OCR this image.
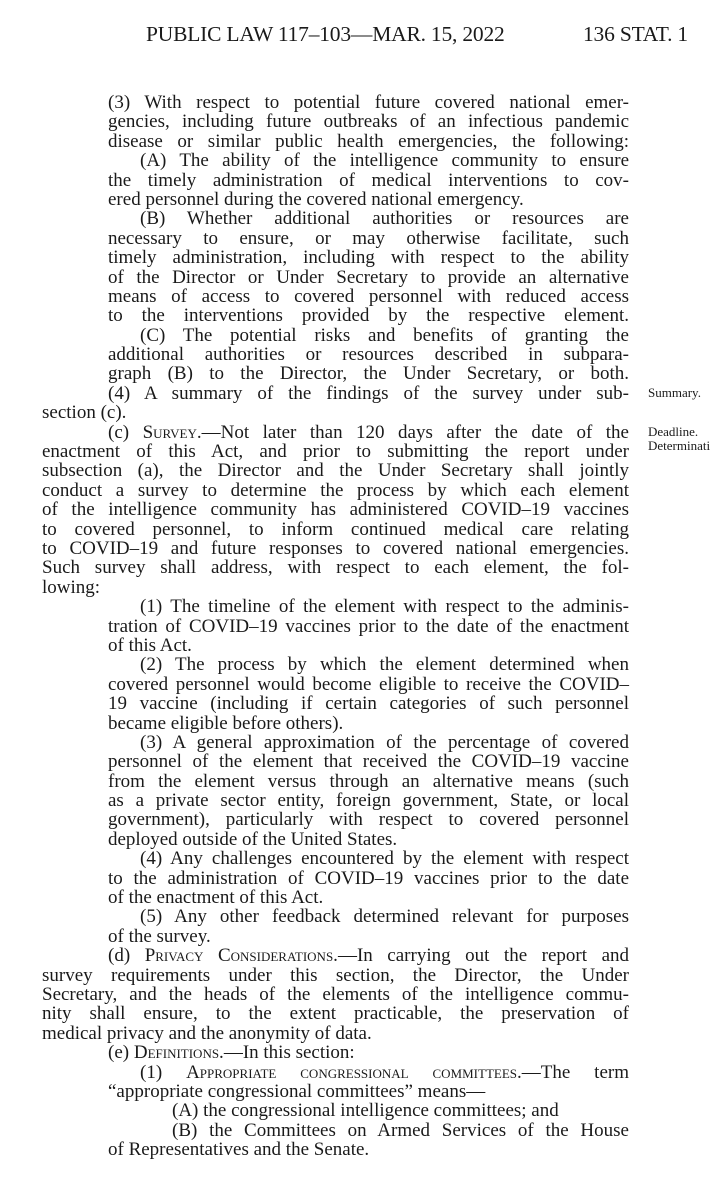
PUBLIC LAW 117–103—MAR. 15, 2022	136 STAT. 1
Summary.
Deadline.
Determinati
(3) With respect to potential future covered national emer-
gencies, including future outbreaks of an infectious pandemic
disease or similar public health emergencies, the following:
(A) The ability of the intelligence community to ensure
the timely administration of medical interventions to cov-
ered personnel during the covered national emergency.
(B) Whether additional authorities or resources are
necessary to ensure, or may otherwise facilitate, such
timely administration, including with respect to the ability
of the Director or Under Secretary to provide an alternative
means of access to covered personnel with reduced access
to the interventions provided by the respective element.
(C) The potential risks and benefits of granting the
additional authorities or resources described in subpara-
graph (B) to the Director, the Under Secretary, or both.
(4) A summary of the findings of the survey under sub-
section (c).
(c) Survey.—Not later than 120 days after the date of the
enactment of this Act, and prior to submitting the report under
subsection (a), the Director and the Under Secretary shall jointly
conduct a survey to determine the process by which each element
of the intelligence community has administered COVID–19 vaccines
to covered personnel, to inform continued medical care relating
to COVID–19 and future responses to covered national emergencies.
Such survey shall address, with respect to each element, the fol-
lowing:
(1) The timeline of the element with respect to the adminis-
tration of COVID–19 vaccines prior to the date of the enactment
of this Act.
(2) The process by which the element determined when
covered personnel would become eligible to receive the COVID–
19 vaccine (including if certain categories of such personnel
became eligible before others).
(3) A general approximation of the percentage of covered
personnel of the element that received the COVID–19 vaccine
from the element versus through an alternative means (such
as a private sector entity, foreign government, State, or local
government), particularly with respect to covered personnel
deployed outside of the United States.
(4) Any challenges encountered by the element with respect
to the administration of COVID–19 vaccines prior to the date
of the enactment of this Act.
(5) Any other feedback determined relevant for purposes
of the survey.
(d) Privacy Considerations.—In carrying out the report and
survey requirements under this section, the Director, the Under
Secretary, and the heads of the elements of the intelligence commu-
nity shall ensure, to the extent practicable, the preservation of
medical privacy and the anonymity of data.
(e) Definitions.—In this section:
(1) Appropriate congressional committees.—The term
“appropriate congressional committees” means—
(A) the congressional intelligence committees; and
(B) the Committees on Armed Services of the House
of Representatives and the Senate.
